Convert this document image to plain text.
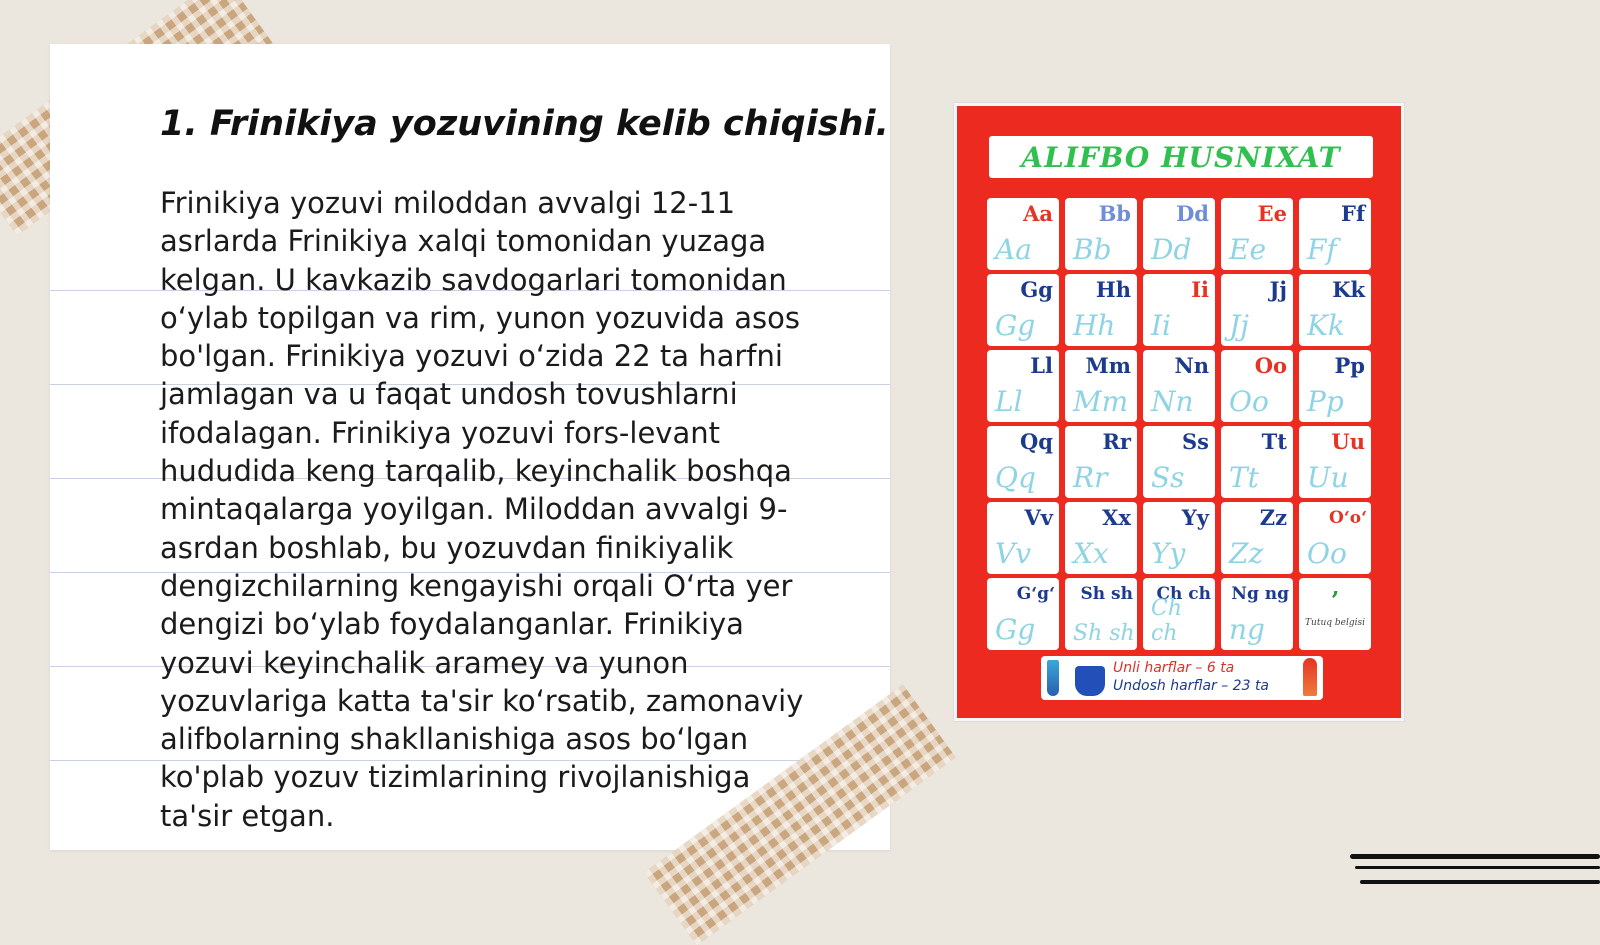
1. Frinikiya yozuvining kelib chiqishi.
Frinikiya yozuvi miloddan avvalgi 12-11
asrlarda Frinikiya xalqi tomonidan yuzaga
kelgan. U kavkazib savdogarlari tomonidan
o‘ylab topilgan va rim, yunon yozuvida asos
bo'lgan. Frinikiya yozuvi o‘zida 22 ta harfni
jamlagan va u faqat undosh tovushlarni
ifodalagan. Frinikiya yozuvi fors-levant
hududida keng tarqalib, keyinchalik boshqa
mintaqalarga yoyilgan. Miloddan avvalgi 9-
asrdan boshlab, bu yozuvdan finikiyalik
dengizchilarning kengayishi orqali O‘rta yer
dengizi bo‘ylab foydalanganlar. Frinikiya
yozuvi keyinchalik aramey va yunon
yozuvlariga katta ta'sir ko‘rsatib, zamonaviy
alifbolarning shakllanishiga asos bo‘lgan
ko'plab yozuv tizimlarining rivojlanishiga
ta'sir etgan.
ALIFBO HUSNIXAT
Aa
Aa
Bb
Bb
Dd
Dd
Ee
Ee
Ff
Ff
Gg
Gg
Hh
Hh
Ii
Ii
Jj
Jj
Kk
Kk
Ll
Ll
Mm
Mm
Nn
Nn
Oo
Oo
Pp
Pp
Qq
Qq
Rr
Rr
Ss
Ss
Tt
Tt
Uu
Uu
Vv
Vv
Xx
Xx
Yy
Yy
Zz
Zz
O‘o‘
Oo
G‘g‘
Gg
Sh sh
Sh sh
Ch ch
Ch ch
Ng ng
ng
’
Tutuq belgisi
Unli harflar – 6 ta
Undosh harflar – 23 ta
